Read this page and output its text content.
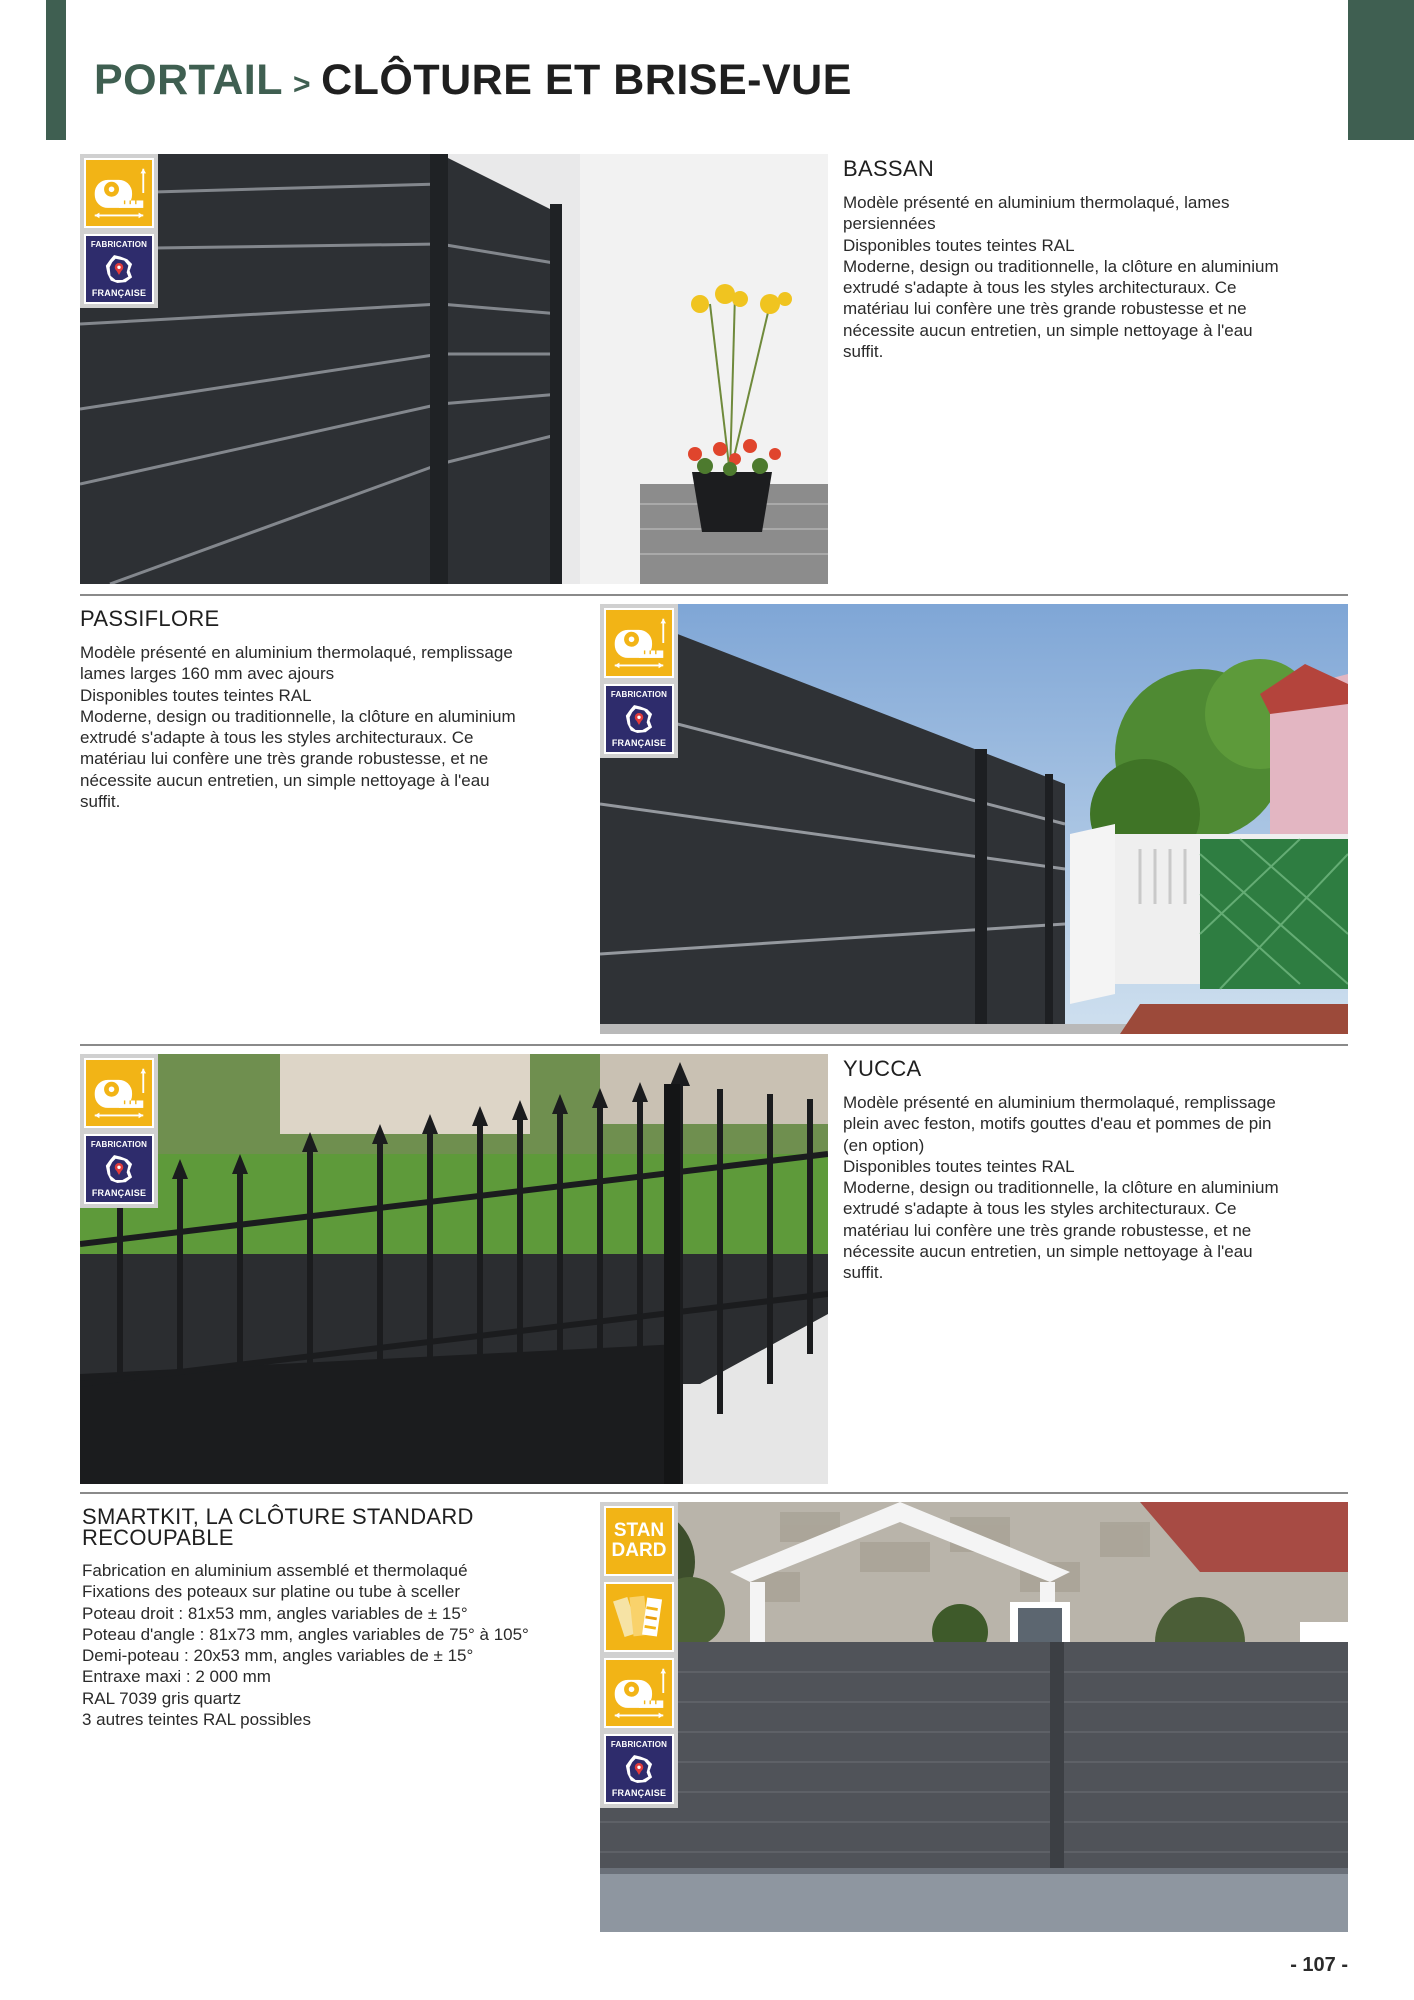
PORTAIL > CLÔTURE ET BRISE-VUE
FABRICATION
FRANÇAISE
BASSAN
Modèle présenté en aluminium thermolaqué, lames
persiennées
Disponibles toutes teintes RAL
Moderne, design ou traditionnelle, la clôture en aluminium
extrudé s'adapte à tous les styles architecturaux. Ce
matériau lui confère une très grande robustesse et ne
nécessite aucun entretien, un simple nettoyage à l'eau
suffit.
PASSIFLORE
Modèle présenté en aluminium thermolaqué, remplissage
lames larges 160 mm avec ajours
Disponibles toutes teintes RAL
Moderne, design ou traditionnelle, la clôture en aluminium
extrudé s'adapte à tous les styles architecturaux. Ce
matériau lui confère une très grande robustesse, et ne
nécessite aucun entretien, un simple nettoyage à l'eau
suffit.
FABRICATION
FRANÇAISE
FABRICATION
FRANÇAISE
YUCCA
Modèle présenté en aluminium thermolaqué, remplissage
plein avec feston, motifs gouttes d'eau et pommes de pin
(en option)
Disponibles toutes teintes RAL
Moderne, design ou traditionnelle, la clôture en aluminium
extrudé s'adapte à tous les styles architecturaux. Ce
matériau lui confère une très grande robustesse, et ne
nécessite aucun entretien, un simple nettoyage à l'eau
suffit.
SMARTKIT, LA CLÔTURE STANDARD
RECOUPABLE
Fabrication en aluminium assemblé et thermolaqué
Fixations des poteaux sur platine ou tube à sceller
Poteau droit : 81x53 mm, angles variables de ± 15°
Poteau d'angle : 81x73 mm, angles variables de 75° à 105°
Demi-poteau : 20x53 mm, angles variables de ± 15°
Entraxe maxi : 2 000 mm
RAL 7039 gris quartz
3 autres teintes RAL possibles
STAN
DARD
FABRICATION
FRANÇAISE
- 107 -
